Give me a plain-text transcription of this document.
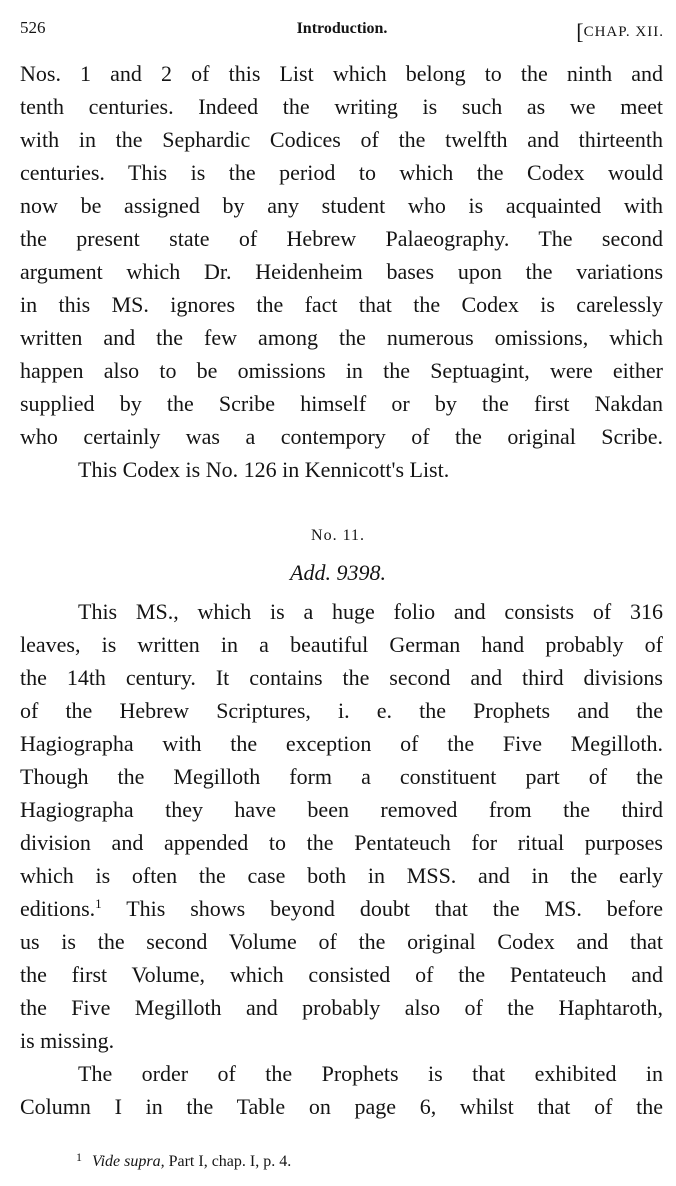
526	Introduction.	[CHAP. XII.
Nos. 1 and 2 of this List which belong to the ninth and
tenth centuries. Indeed the writing is such as we meet
with in the Sephardic Codices of the twelfth and thirteenth
centuries. This is the period to which the Codex would
now be assigned by any student who is acquainted with
the present state of Hebrew Palaeography. The second
argument which Dr. Heidenheim bases upon the variations
in this MS. ignores the fact that the Codex is carelessly
written and the few among the numerous omissions, which
happen also to be omissions in the Septuagint, were either
supplied by the Scribe himself or by the first Nakdan
who certainly was a contempory of the original Scribe.
This Codex is No. 126 in Kennicott's List.
No. 11.
Add. 9398.
This MS., which is a huge folio and consists of 316
leaves, is written in a beautiful German hand probably of
the 14th century. It contains the second and third divisions
of the Hebrew Scriptures, i. e. the Prophets and the
Hagiographa with the exception of the Five Megilloth.
Though the Megilloth form a constituent part of the
Hagiographa they have been removed from the third
division and appended to the Pentateuch for ritual purposes
which is often the case both in MSS. and in the early
editions.$^1$ This shows beyond doubt that the MS. before
us is the second Volume of the original Codex and that
the first Volume, which consisted of the Pentateuch and
the Five Megilloth and probably also of the Haphtaroth,
is missing.
The order of the Prophets is that exhibited in
Column I in the Table on page 6, whilst that of the
$^1$ Vide supra, Part I, chap. I, p. 4.
